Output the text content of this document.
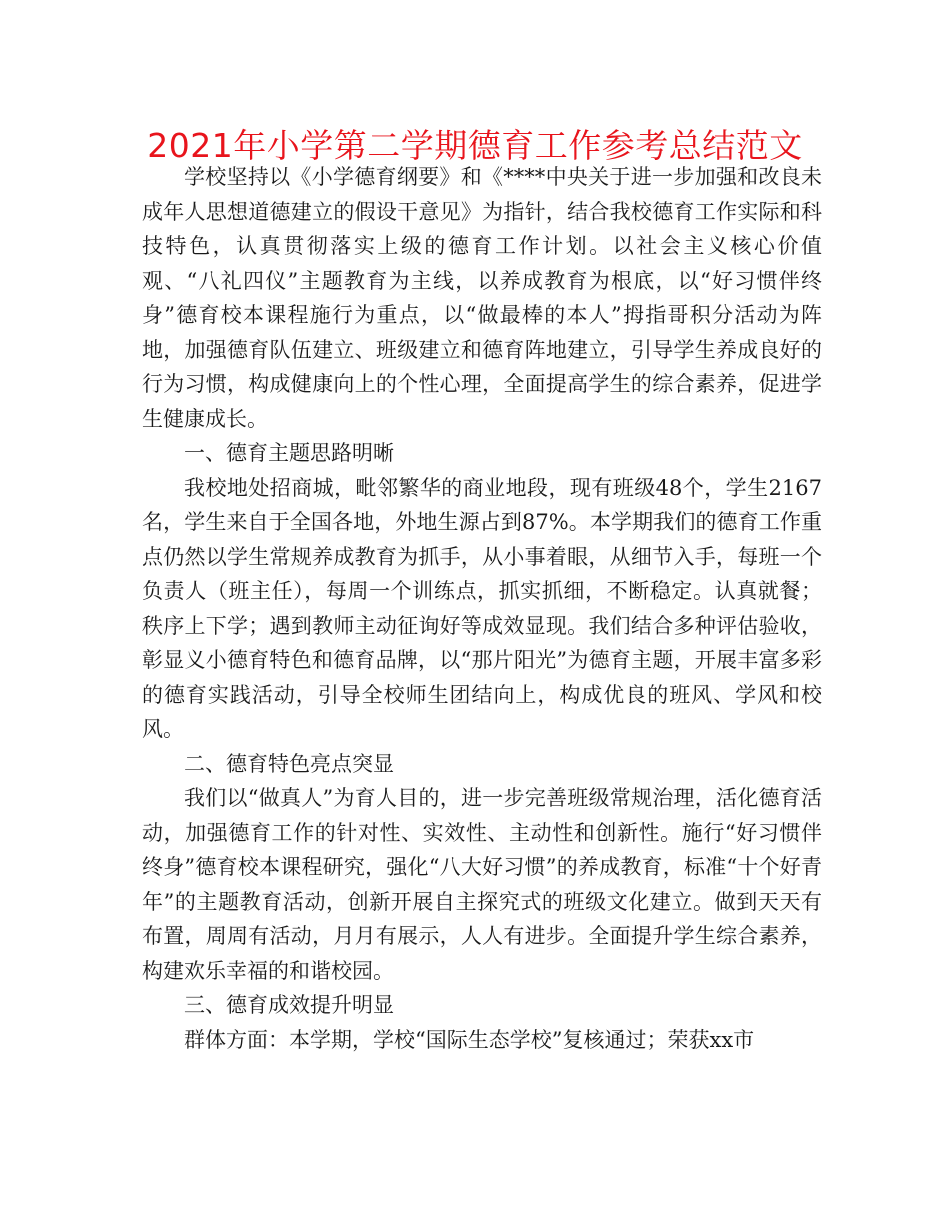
2021年小学第二学期德育工作参考总结范文

学校坚持以《小学德育纲要》和《****中央关于进一步加强和改良未成年人思想道德建立的假设干意见》为指针，结合我校德育工作实际和科技特色，认真贯彻落实上级的德育工作计划。以社会主义核心价值观、“八礼四仪”主题教育为主线，以养成教育为根底，以“好习惯伴终身”德育校本课程施行为重点，以“做最棒的本人”拇指哥积分活动为阵地，加强德育队伍建立、班级建立和德育阵地建立，引导学生养成良好的行为习惯，构成健康向上的个性心理，全面提高学生的综合素养，促进学生健康成长。

一、德育主题思路明晰

我校地处招商城，毗邻繁华的商业地段，现有班级48个，学生2167名，学生来自于全国各地，外地生源占到87%。本学期我们的德育工作重点仍然以学生常规养成教育为抓手，从小事着眼，从细节入手，每班一个负责人（班主任），每周一个训练点，抓实抓细，不断稳定。认真就餐；秩序上下学；遇到教师主动征询好等成效显现。我们结合多种评估验收，彰显义小德育特色和德育品牌，以“那片阳光”为德育主题，开展丰富多彩的德育实践活动，引导全校师生团结向上，构成优良的班风、学风和校风。

二、德育特色亮点突显

我们以“做真人”为育人目的，进一步完善班级常规治理，活化德育活动，加强德育工作的针对性、实效性、主动性和创新性。施行“好习惯伴终身”德育校本课程研究，强化“八大好习惯”的养成教育，标准“十个好青年”的主题教育活动，创新开展自主探究式的班级文化建立。做到天天有布置，周周有活动，月月有展示，人人有进步。全面提升学生综合素养，构建欢乐幸福的和谐校园。

三、德育成效提升明显

群体方面：本学期，学校“国际生态学校”复核通过；荣获xx市
